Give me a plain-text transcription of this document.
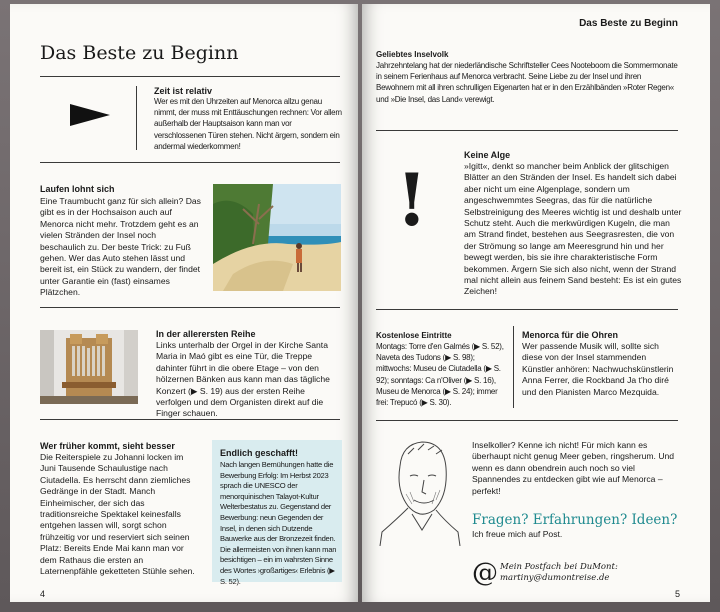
Das Beste zu Beginn
Zeit ist relativ
Wer es mit den Uhrzeiten auf Menorca allzu genau nimmt, der muss mit Enttäuschungen rechnen: Vor allem außerhalb der Hauptsaison kann man vor verschlossenen Türen stehen. Nicht ärgern, sondern ein andermal wiederkommen!
Laufen lohnt sich
Eine Traumbucht ganz für sich allein? Das gibt es in der Hochsaison auch auf Menorca nicht mehr. Trotzdem geht es an vielen Stränden der Insel noch beschaulich zu. Der beste Trick: zu Fuß gehen. Wer das Auto stehen lässt und bereit ist, ein Stück zu wandern, der findet unter Garantie ein (fast) einsames Plätzchen.
In der allerersten Reihe
Links unterhalb der Orgel in der Kirche Santa Maria in Maó gibt es eine Tür, die Treppe dahinter führt in die obere Etage – von den hölzernen Bänken aus kann man das tägliche Konzert (▶ S. 19) aus der ersten Reihe verfolgen und dem Organisten direkt auf die Finger schauen.
Wer früher kommt, sieht besser
Die Reiterspiele zu Johanni locken im Juni Tausende Schaulustige nach Ciutadella. Es herrscht dann ziemliches Gedränge in der Stadt. Manch Einheimischer, der sich das traditionsreiche Spektakel keinesfalls entgehen lassen will, sorgt schon frühzeitig vor und reserviert sich seinen Platz: Bereits Ende Mai kann man vor dem Rathaus die ersten an Laternenpfähle geketteten Stühle sehen.
Endlich geschafft!
Nach langen Bemühungen hatte die Bewerbung Erfolg: Im Herbst 2023 sprach die UNESCO der menorquinischen Talayot-Kultur Welterbestatus zu. Gegenstand der Bewerbung: neun Gegenden der Insel, in denen sich Dutzende Bauwerke aus der Bronzezeit finden. Die allermeisten von ihnen kann man besichtigen – ein im wahrsten Sinne des Wortes ›großartiges‹ Erlebnis (▶ S. 52).
4
Das Beste zu Beginn
Geliebtes Inselvolk
Jahrzehntelang hat der niederländische Schriftsteller Cees Nooteboom die Sommermonate in seinem Ferienhaus auf Menorca verbracht. Seine Liebe zu der Insel und ihren Bewohnern mit all ihren schrulligen Eigenarten hat er in den Erzählbänden »Roter Regen« und »Die Insel, das Land« verewigt.
!
Keine Alge
»Igitt«, denkt so mancher beim Anblick der glitschigen Blätter an den Stränden der Insel. Es handelt sich dabei aber nicht um eine Algenplage, sondern um angeschwemmtes Seegras, das für die natürliche Selbstreinigung des Meeres wichtig ist und deshalb unter Schutz steht. Auch die merkwürdigen Kugeln, die man am Strand findet, bestehen aus Seegrasresten, die von der Strömung so lange am Meeresgrund hin und her bewegt werden, bis sie ihre charakteristische Form bekommen. Ärgern Sie sich also nicht, wenn der Strand mal nicht allein aus feinem Sand besteht: Es ist ein gutes Zeichen!
Kostenlose Eintritte
Montags: Torre d'en Galmés (▶ S. 52), Naveta des Tudons (▶ S. 98); mittwochs: Museu de Ciutadella (▶ S. 92); sonntags: Ca n'Oliver (▶ S. 16), Museu de Menorca (▶ S. 24); immer frei: Trepucó (▶ S. 30).
Menorca für die Ohren
Wer passende Musik will, sollte sich diese von der Insel stammenden Künstler anhören: Nachwuchskünstlerin Anna Ferrer, die Rockband Ja t'ho diré und den Pianisten Marco Mezquida.
Inselkoller? Kenne ich nicht! Für mich kann es überhaupt nicht genug Meer geben, ringsherum. Und wenn es dann obendrein auch noch so viel Spannendes zu entdecken gibt wie auf Menorca – perfekt!
Fragen? Erfahrungen? Ideen?
Ich freue mich auf Post.
@ Mein Postfach bei DuMont:
martiny@dumontreise.de
5
